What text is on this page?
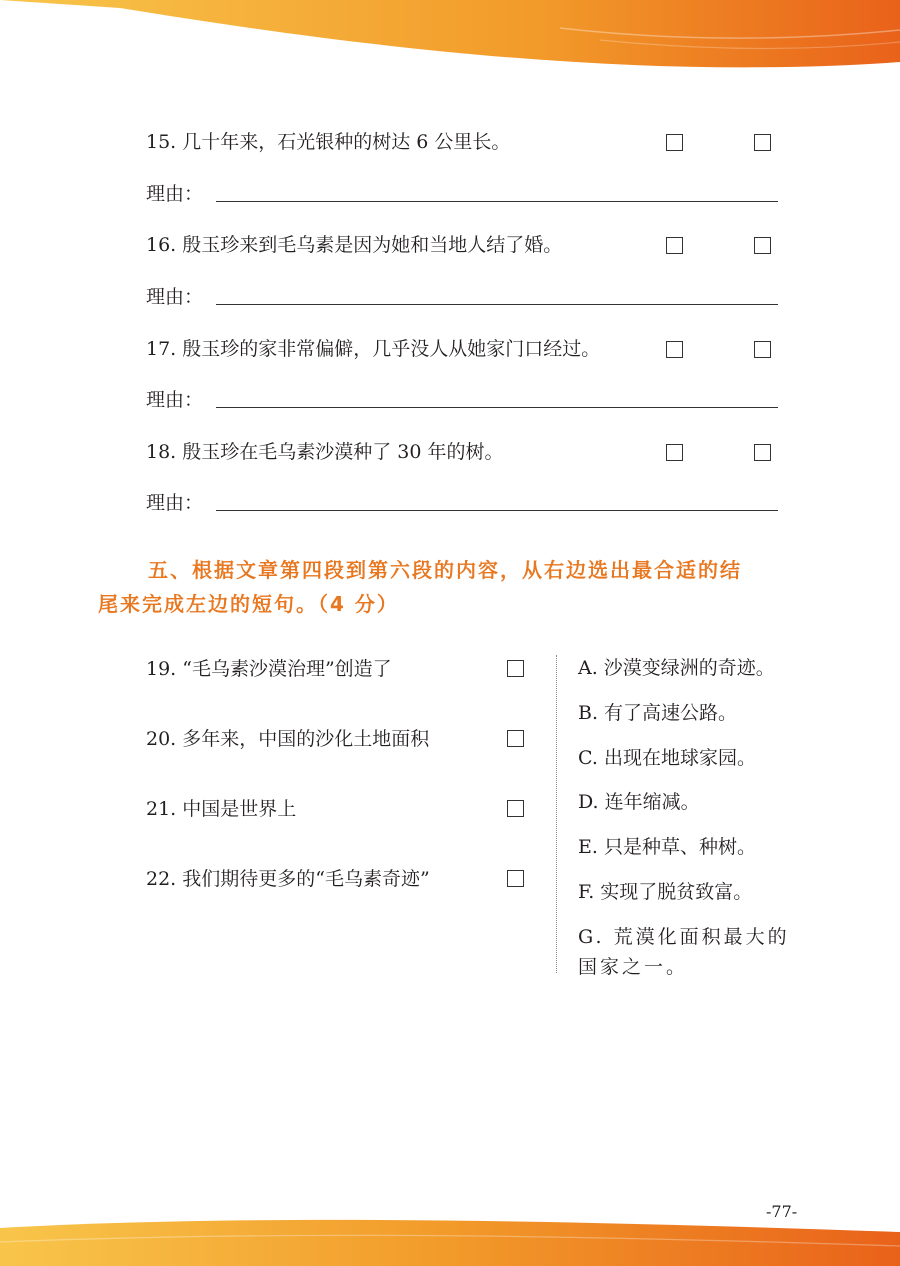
15. 几十年来，石光银种的树达 6 公里长。
理由：
16. 殷玉珍来到毛乌素是因为她和当地人结了婚。
理由：
17. 殷玉珍的家非常偏僻，几乎没人从她家门口经过。
理由：
18. 殷玉珍在毛乌素沙漠种了 30 年的树。
理由：
五、根据文章第四段到第六段的内容，从右边选出最合适的结
尾来完成左边的短句。（4 分）
19. “毛乌素沙漠治理”创造了
20. 多年来，中国的沙化土地面积
21. 中国是世界上
22. 我们期待更多的“毛乌素奇迹”
A. 沙漠变绿洲的奇迹。
B. 有了高速公路。
C. 出现在地球家园。
D. 连年缩减。
E. 只是种草、种树。
F. 实现了脱贫致富。
G. 荒漠化面积最大的国家之一。
-77-
